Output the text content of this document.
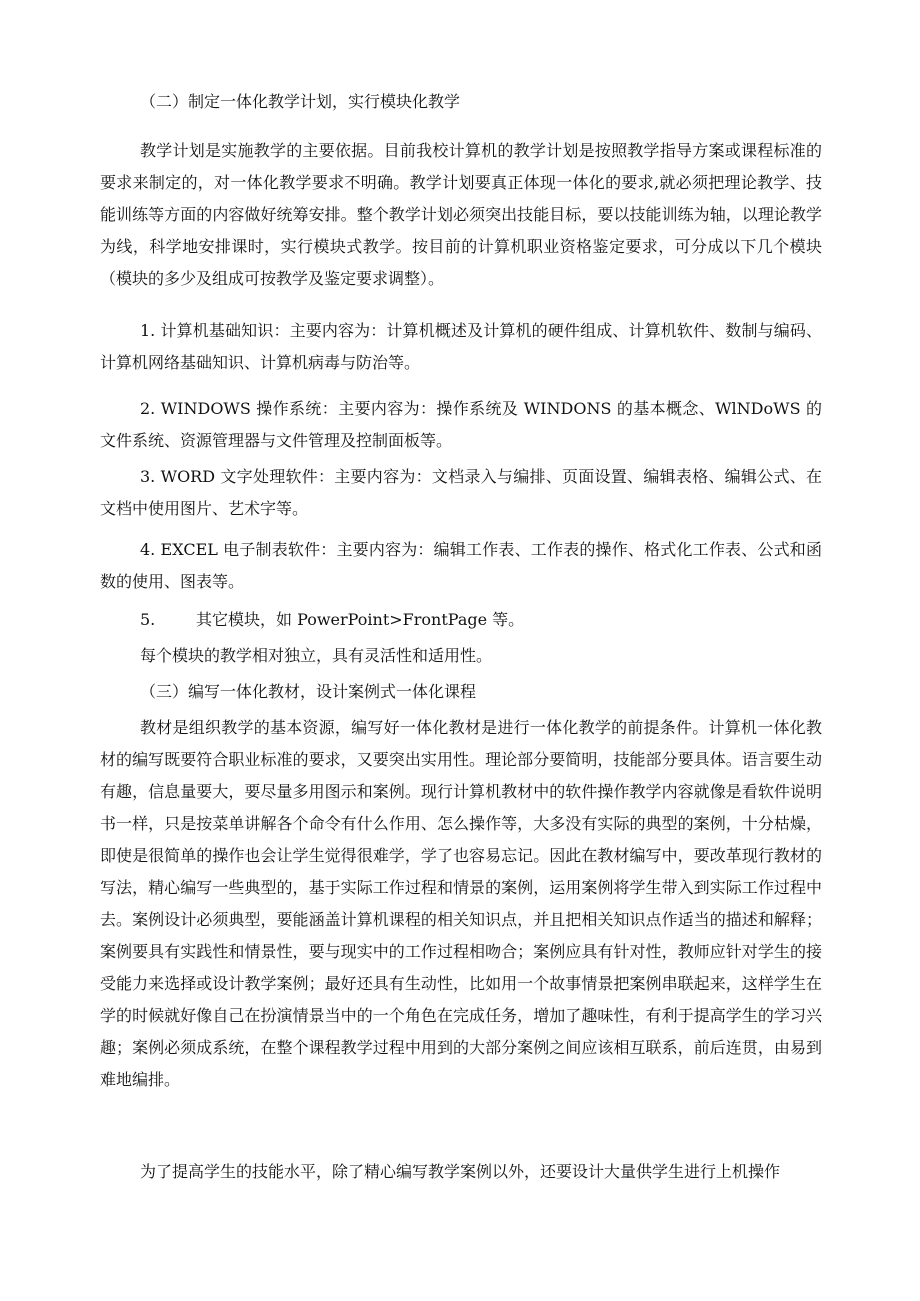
（二）制定一体化教学计划，实行模块化教学

教学计划是实施教学的主要依据。目前我校计算机的教学计划是按照教学指导方案或课程标准的要求来制定的，对一体化教学要求不明确。教学计划要真正体现一体化的要求,就必须把理论教学、技能训练等方面的内容做好统筹安排。整个教学计划必须突出技能目标，要以技能训练为轴，以理论教学为线，科学地安排课时，实行模块式教学。按目前的计算机职业资格鉴定要求，可分成以下几个模块（模块的多少及组成可按教学及鉴定要求调整）。

1. 计算机基础知识：主要内容为：计算机概述及计算机的硬件组成、计算机软件、数制与编码、计算机网络基础知识、计算机病毒与防治等。

2. WINDOWS 操作系统：主要内容为：操作系统及 WINDONS 的基本概念、WlNDoWS 的文件系统、资源管理器与文件管理及控制面板等。

3. WORD 文字处理软件：主要内容为：文档录入与编排、页面设置、编辑表格、编辑公式、在文档中使用图片、艺术字等。

4. EXCEL 电子制表软件：主要内容为：编辑工作表、工作表的操作、格式化工作表、公式和函数的使用、图表等。

5.	其它模块，如 PowerPoint>FrontPage 等。

每个模块的教学相对独立，具有灵活性和适用性。

（三）编写一体化教材，设计案例式一体化课程

教材是组织教学的基本资源，编写好一体化教材是进行一体化教学的前提条件。计算机一体化教材的编写既要符合职业标准的要求，又要突出实用性。理论部分要简明，技能部分要具体。语言要生动有趣，信息量要大，要尽量多用图示和案例。现行计算机教材中的软件操作教学内容就像是看软件说明书一样，只是按菜单讲解各个命令有什么作用、怎么操作等，大多没有实际的典型的案例，十分枯燥，即使是很简单的操作也会让学生觉得很难学，学了也容易忘记。因此在教材编写中，要改革现行教材的写法，精心编写一些典型的，基于实际工作过程和情景的案例，运用案例将学生带入到实际工作过程中去。案例设计必须典型，要能涵盖计算机课程的相关知识点，并且把相关知识点作适当的描述和解释；案例要具有实践性和情景性，要与现实中的工作过程相吻合；案例应具有针对性，教师应针对学生的接受能力来选择或设计教学案例；最好还具有生动性，比如用一个故事情景把案例串联起来，这样学生在学的时候就好像自己在扮演情景当中的一个角色在完成任务，增加了趣味性，有利于提高学生的学习兴趣；案例必须成系统，在整个课程教学过程中用到的大部分案例之间应该相互联系，前后连贯，由易到难地编排。

为了提高学生的技能水平，除了精心编写教学案例以外，还要设计大量供学生进行上机操作
